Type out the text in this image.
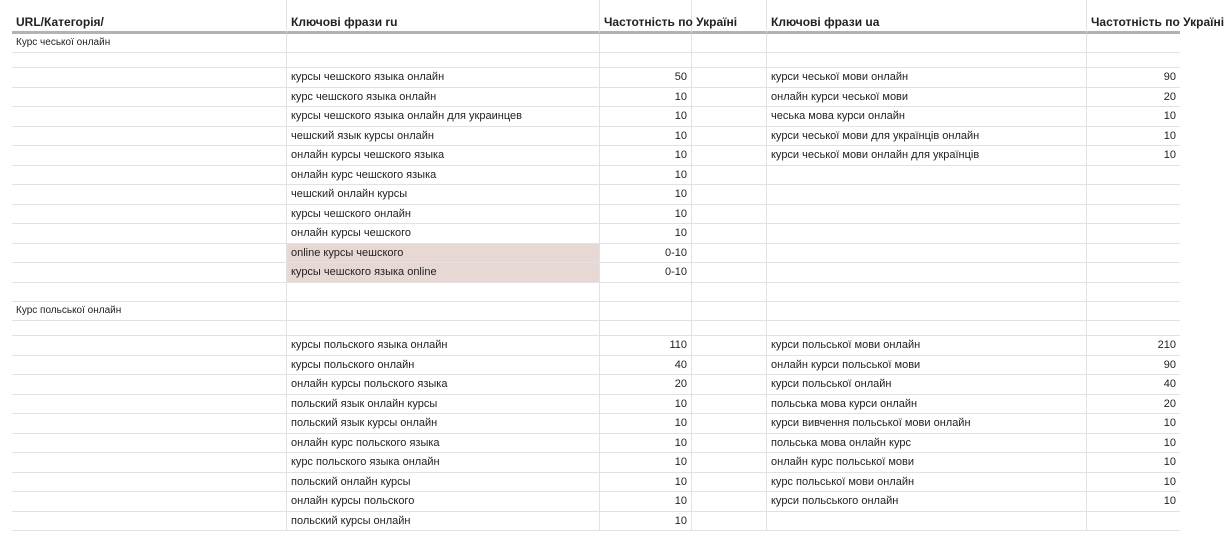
URL/Категорія/	Ключові фрази ru	Частотність по Україні	Ключові фрази ua	Частотність по Україні
Курс чеської онлайн
курсы чешского языка онлайн	50	курси чеської мови онлайн	90
курс чешского языка онлайн	10	онлайн курси чеської мови	20
курсы чешского языка онлайн для украинцев	10	чеська мова курси онлайн	10
чешский язык курсы онлайн	10	курси чеської мови для українців онлайн	10
онлайн курсы чешского языка	10	курси чеської мови онлайн для українців	10
онлайн курс чешского языка	10
чешский онлайн курсы	10
курсы чешского онлайн	10
онлайн курсы чешского	10
online курсы чешского	0-10
курсы чешского языка online	0-10
Курс польської онлайн
курсы польского языка онлайн	110	курси польської мови онлайн	210
курсы польского онлайн	40	онлайн курси польської мови	90
онлайн курсы польского языка	20	курси польської онлайн	40
польский язык онлайн курсы	10	польська мова курси онлайн	20
польский язык курсы онлайн	10	курси вивчення польської мови онлайн	10
онлайн курс польского языка	10	польська мова онлайн курс	10
курс польского языка онлайн	10	онлайн курс польської мови	10
польский онлайн курсы	10	курс польської мови онлайн	10
онлайн курсы польского	10	курси польського онлайн	10
польский курсы онлайн	10
